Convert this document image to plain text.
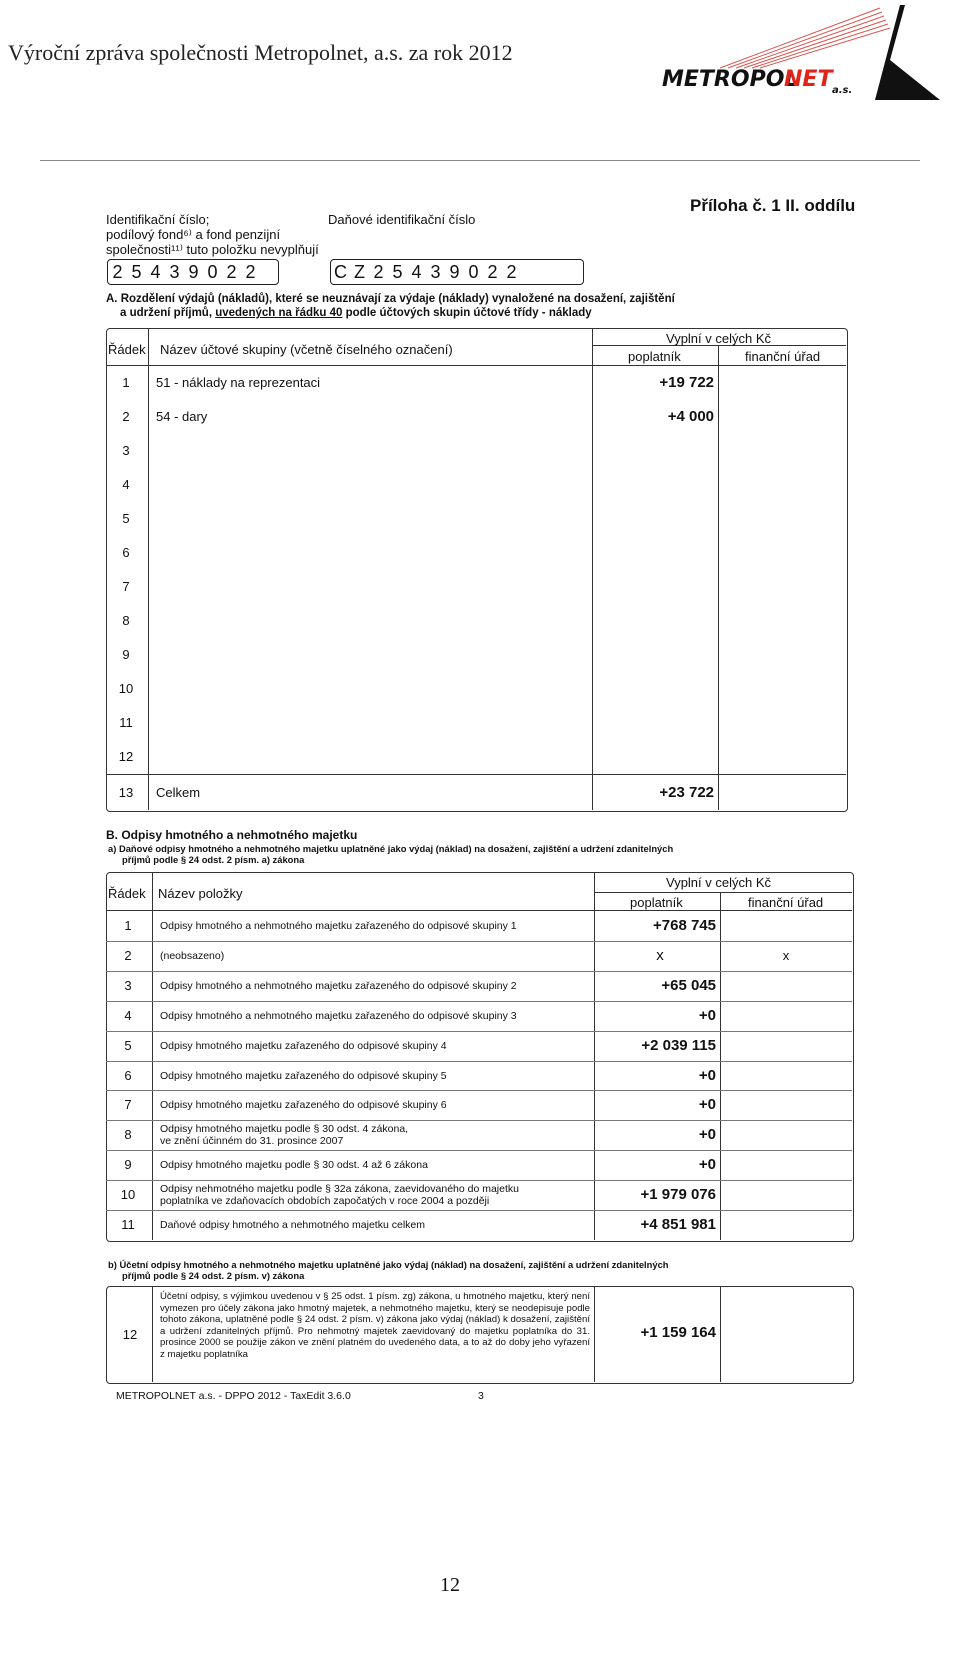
Výroční zpráva společnosti Metropolnet, a.s. za rok 2012
METROPOL
NET a.s.
Příloha č. 1 II. oddílu
Identifikační číslo;
podílový fond⁶⁾ a fond penzijní
společnosti¹¹⁾ tuto položku nevyplňují
Daňové identifikační číslo
2 5 4 3 9 0 2 2	C Z 2 5 4 3 9 0 2 2
A. Rozdělení výdajů (nákladů), které se neuznávají za výdaje (náklady) vynaložené na dosažení, zajištění
a udržení příjmů, uvedených na řádku 40 podle účtových skupin účtové třídy - náklady
Řádek Název účtové skupiny (včetně číselného označení)
Vyplní v celých Kč
poplatník	finanční úřad
1	51 - náklady na reprezentaci	+19 722
2	54 - dary	+4 000
3
4
5
6
7
8
9
10
11
12
13	Celkem	+23 722
B. Odpisy hmotného a nehmotného majetku
a) Daňové odpisy hmotného a nehmotného majetku uplatněné jako výdaj (náklad) na dosažení, zajištění a udržení zdanitelných
příjmů podle § 24 odst. 2 písm. a) zákona
Řádek Název položky
Vyplní v celých Kč
poplatník	finanční úřad
1	Odpisy hmotného a nehmotného majetku zařazeného do odpisové skupiny 1	+768 745
2	(neobsazeno)	x	x
3	Odpisy hmotného a nehmotného majetku zařazeného do odpisové skupiny 2	+65 045
4	Odpisy hmotného a nehmotného majetku zařazeného do odpisové skupiny 3	+0
5	Odpisy hmotného majetku zařazeného do odpisové skupiny 4	+2 039 115
6	Odpisy hmotného majetku zařazeného do odpisové skupiny 5	+0
7	Odpisy hmotného majetku zařazeného do odpisové skupiny 6	+0
8	Odpisy hmotného majetku podle § 30 odst. 4 zákona,
ve znění účinném do 31. prosince 2007	+0
9	Odpisy hmotného majetku podle § 30 odst. 4 až 6 zákona	+0
10	Odpisy nehmotného majetku podle § 32a zákona, zaevidovaného do majetku
poplatníka ve zdaňovacích obdobích započatých v roce 2004 a později	+1 979 076
11	Daňové odpisy hmotného a nehmotného majetku celkem	+4 851 981
b) Účetní odpisy hmotného a nehmotného majetku uplatněné jako výdaj (náklad) na dosažení, zajištění a udržení zdanitelných
příjmů podle § 24 odst. 2 písm. v) zákona
12
Účetní odpisy, s výjimkou uvedenou v § 25 odst. 1 písm. zg) zákona, u hmotného majetku, který není vymezen pro účely zákona jako hmotný majetek, a nehmotného majetku, který se neodepisuje podle tohoto zákona, uplatněné podle § 24 odst. 2 písm. v) zákona jako výdaj (náklad) k dosažení, zajištění a udržení zdanitelných příjmů. Pro nehmotný majetek zaevidovaný do majetku poplatníka do 31. prosince 2000 se použije zákon ve znění platném do uvedeného data, a to až do doby jeho vyřazení z majetku poplatníka
+1 159 164
METROPOLNET a.s. - DPPO 2012 - TaxEdit 3.6.0	3
12
